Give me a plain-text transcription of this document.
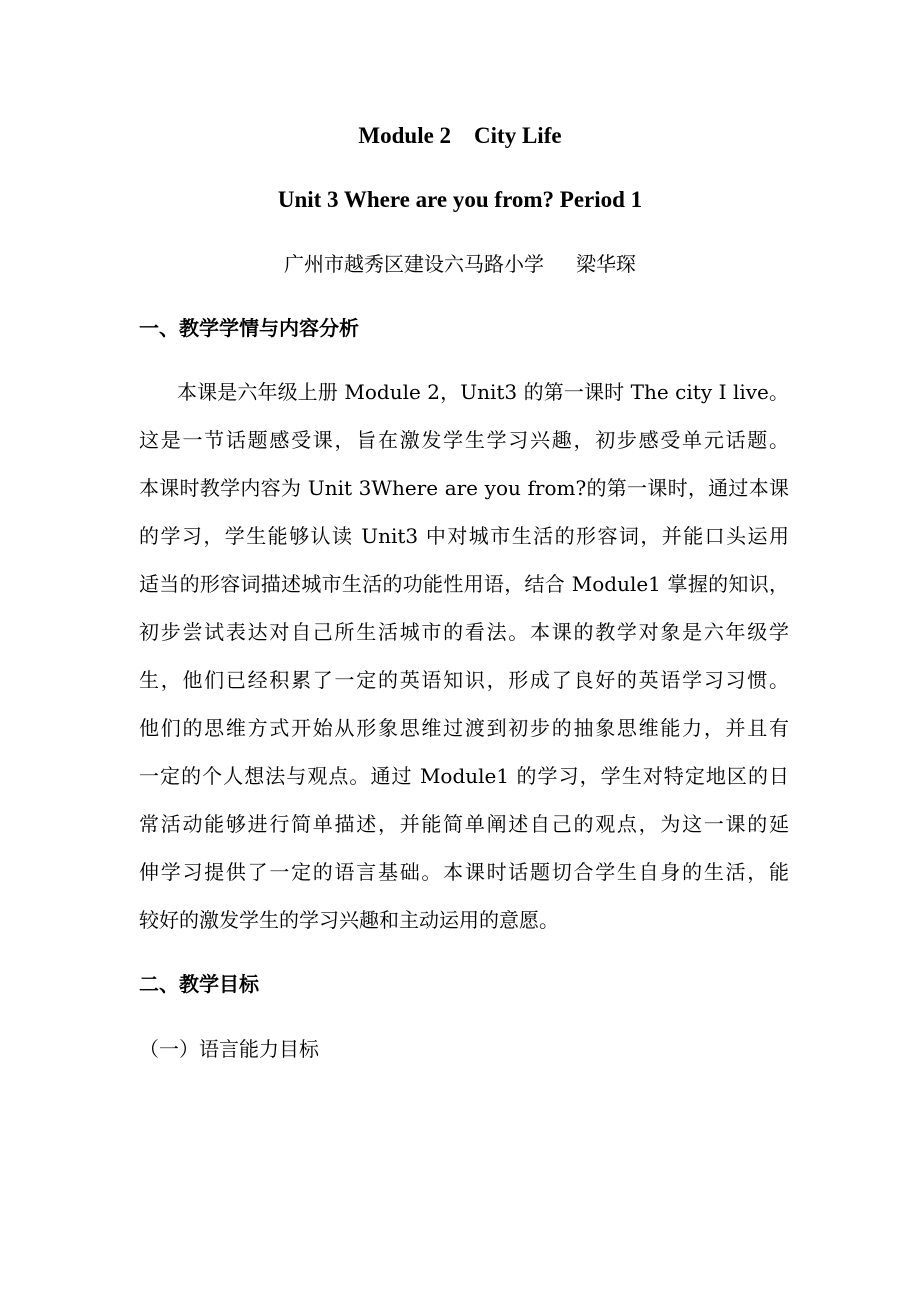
Module 2    City Life
Unit 3 Where are you from? Period 1
广州市越秀区建设六马路小学 梁华琛
一、教学学情与内容分析
本课是六年级上册 Module 2，Unit3 的第一课时 The city I live。
这是一节话题感受课，旨在激发学生学习兴趣，初步感受单元话题。
本课时教学内容为 Unit 3Where are you from?的第一课时，通过本课
的学习，学生能够认读 Unit3 中对城市生活的形容词，并能口头运用
适当的形容词描述城市生活的功能性用语，结合 Module1 掌握的知识，
初步尝试表达对自己所生活城市的看法。本课的教学对象是六年级学
生，他们已经积累了一定的英语知识，形成了良好的英语学习习惯。
他们的思维方式开始从形象思维过渡到初步的抽象思维能力，并且有
一定的个人想法与观点。通过 Module1 的学习，学生对特定地区的日
常活动能够进行简单描述，并能简单阐述自己的观点，为这一课的延
伸学习提供了一定的语言基础。本课时话题切合学生自身的生活，能
较好的激发学生的学习兴趣和主动运用的意愿。
二、教学目标
（一）语言能力目标
